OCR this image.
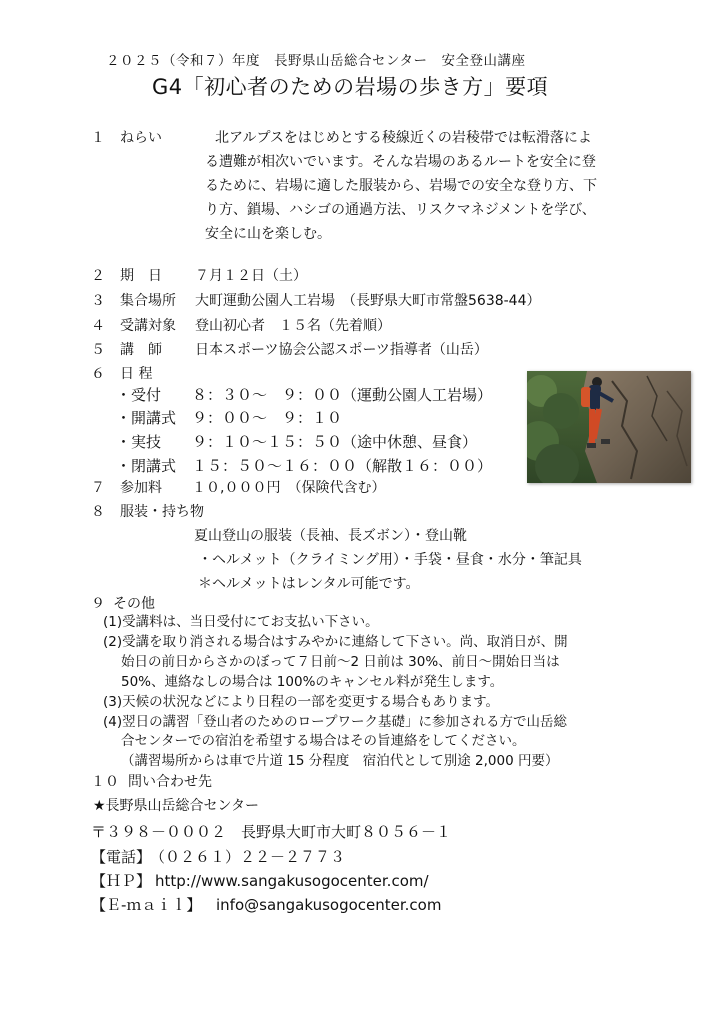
２０２５（令和７）年度　長野県山岳総合センター　安全登山講座
G4「初心者のための岩場の歩き方」要項
１ ねらい	北アルプスをはじめとする稜線近くの岩稜帯では転滑落によ
る遭難が相次いでいます。そんな岩場のあるルートを安全に登
るために、岩場に適した服装から、岩場での安全な登り方、下
り方、鎖場、ハシゴの通過方法、リスクマネジメントを学び、
安全に山を楽しむ。
２ 期　日 ７月１２日（土）
３ 集合場所 大町運動公園人工岩場　（長野県大町市常盤5638-44）
４ 受講対象 登山初心者　１５名（先着順）
５ 講　師 日本スポーツ協会公認スポーツ指導者（山岳）
６ 日 程
・受付 ８：３０～　９：００（運動公園人工岩場）
・開講式 ９：００～　９：１０
・実技 ９：１０～１５：５０（途中休憩、昼食）
・閉講式 １５：５０～１６：００（解散１６：００）
７ 参加料 １０,０００円　（保険代含む）
８ 服装・持ち物
夏山登山の服装（長袖、長ズボン）・登山靴
・ヘルメット（クライミング用）・手袋・昼食・水分・筆記具
＊ヘルメットはレンタル可能です。
９ その他
(1)受講料は、当日受付にてお支払い下さい。
(2)受講を取り消される場合はすみやかに連絡して下さい。尚、取消日が、開
始日の前日からさかのぼって７日前～2 日前は 30%、前日～開始日当は
50%、連絡なしの場合は 100%のキャンセル料が発生します。
(3)天候の状況などにより日程の一部を変更する場合もあります。
(4)翌日の講習「登山者のためのロープワーク基礎」に参加される方で山岳総
合センターでの宿泊を希望する場合はその旨連絡をしてください。
（講習場所からは車で片道 15 分程度　宿泊代として別途 2,000 円要）
１０ 問い合わせ先
★長野県山岳総合センター
〒３９８－０００２　長野県大町市大町８０５６－１
【電話】
（０２６１）２２－２７７３
【ＨＰ】 http://www.sangakusogocenter.com/
【Ｅ-ｍａｉｌ】 info@sangakusogocenter.com
